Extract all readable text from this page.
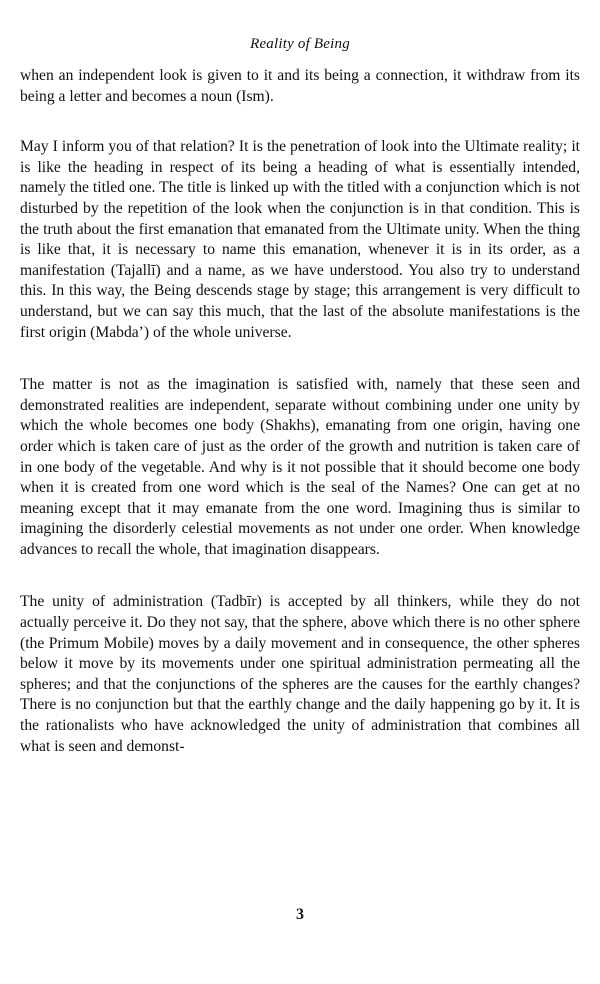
Reality of Being

when an independent look is given to it and its being a connection, it withdraw from its being a letter and becomes a noun (Ism).

May I inform you of that relation? It is the penetration of look into the Ultimate reality; it is like the heading in respect of its being a heading of what is essentially intended, namely the titled one. The title is linked up with the titled with a conjunction which is not disturbed by the repetition of the look when the conjunction is in that condition. This is the truth about the first emanation that emanated from the Ultimate unity. When the thing is like that, it is necessary to name this emanation, whenever it is in its order, as a manifestation (Tajallī) and a name, as we have understood. You also try to understand this. In this way, the Being descends stage by stage; this arrangement is very difficult to understand, but we can say this much, that the last of the absolute manifestations is the first origin (Mabda’) of the whole universe.

The matter is not as the imagination is satisfied with, namely that these seen and demonstrated realities are independent, separate without combining under one unity by which the whole becomes one body (Shakhs), emanating from one origin, having one order which is taken care of just as the order of the growth and nutrition is taken care of in one body of the vegetable. And why is it not possible that it should become one body when it is created from one word which is the seal of the Names? One can get at no meaning except that it may emanate from the one word. Imagining thus is similar to imagining the disorderly celestial movements as not under one order. When knowledge advances to recall the whole, that imagination disappears.

The unity of administration (Tadbīr) is accepted by all thinkers, while they do not actually perceive it. Do they not say, that the sphere, above which there is no other sphere (the Primum Mobile) moves by a daily movement and in consequence, the other spheres below it move by its movements under one spiritual administration permeating all the spheres; and that the conjunctions of the spheres are the causes for the earthly changes? There is no conjunction but that the earthly change and the daily happening go by it. It is the rationalists who have acknowledged the unity of administration that combines all what is seen and demonst-

3
